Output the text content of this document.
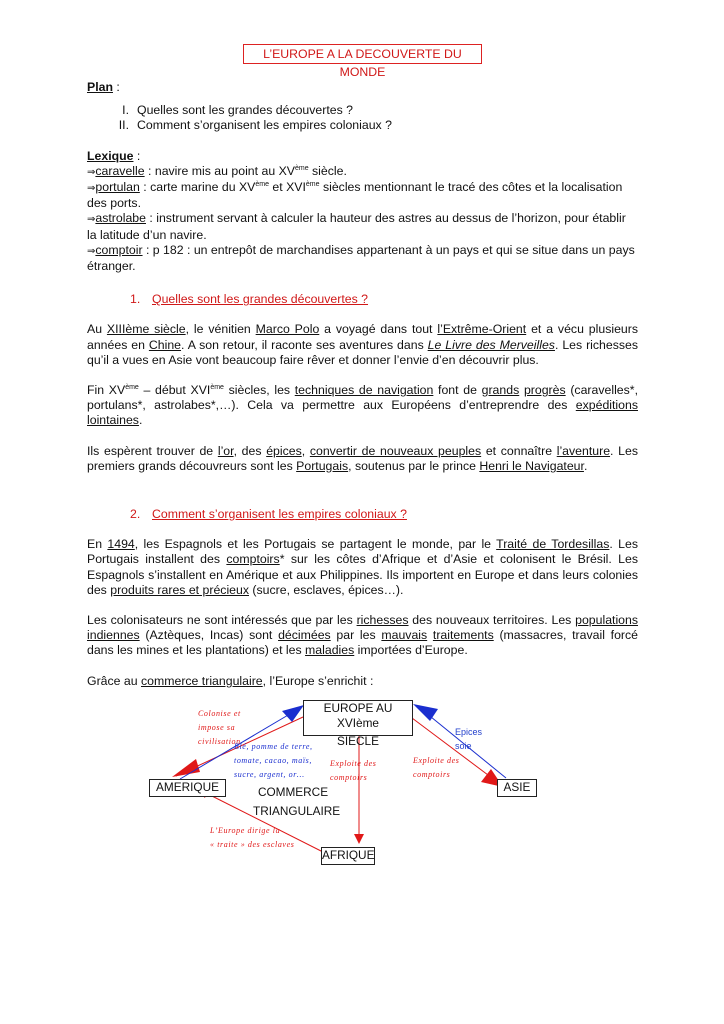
L’EUROPE A LA DECOUVERTE DU MONDE
Plan :
I. Quelles sont les grandes découvertes ?
II. Comment s’organisent les empires coloniaux ?
Lexique :
⇒caravelle : navire mis au point au XVème siècle.
⇒portulan : carte marine du XVème et XVIème siècles mentionnant le tracé des côtes et la localisation des ports.
⇒astrolabe : instrument servant à calculer la hauteur des astres au dessus de l’horizon, pour établir la latitude d’un navire.
⇒comptoir : p 182 : un entrepôt de marchandises appartenant à un pays et qui se situe dans un pays étranger.
1. Quelles sont les grandes découvertes ?

Au XIIIème siècle, le vénitien Marco Polo a voyagé dans tout l’Extrême-Orient et a vécu plusieurs années en Chine. A son retour, il raconte ses aventures dans Le Livre des Merveilles. Les richesses qu’il a vues en Asie vont beaucoup faire rêver et donner l’envie d’en découvrir plus.

Fin XVème – début XVIème siècles, les techniques de navigation font de grands progrès (caravelles*, portulans*, astrolabes*,…). Cela va permettre aux Européens d’entreprendre des expéditions lointaines.

Ils espèrent trouver de l’or, des épices, convertir de nouveaux peuples et connaître l’aventure. Les premiers grands découvreurs sont les Portugais, soutenus par le prince Henri le Navigateur.

2. Comment s’organisent les empires coloniaux ?

En 1494, les Espagnols et les Portugais se partagent le monde, par le Traité de Tordesillas. Les Portugais installent des comptoirs* sur les côtes d’Afrique et d’Asie et colonisent le Brésil. Les Espagnols s’installent en Amérique et aux Philippines. Ils importent en Europe et dans leurs colonies des produits rares et précieux (sucre, esclaves, épices…).

Les colonisateurs ne sont intéressés que par les richesses des nouveaux territoires. Les populations indiennes (Aztèques, Incas) sont décimées par les mauvais traitements (massacres, travail forcé dans les mines et les plantations) et les maladies importées d’Europe.

Grâce au commerce triangulaire, l’Europe s’enrichit :

EUROPE AU XVIème
SIECLE
AMERIQUE	ASIE
AFRIQUE
COMMERCE
TRIANGULAIRE
Colonise et
impose sa
civilisation
Blé, pomme de terre,
tomate, cacao, maïs,
sucre, argent, or…
Exploite des
comptoirs
Exploite des
comptoirs
Epices
soie
L’Europe dirige la
« traite » des esclaves
